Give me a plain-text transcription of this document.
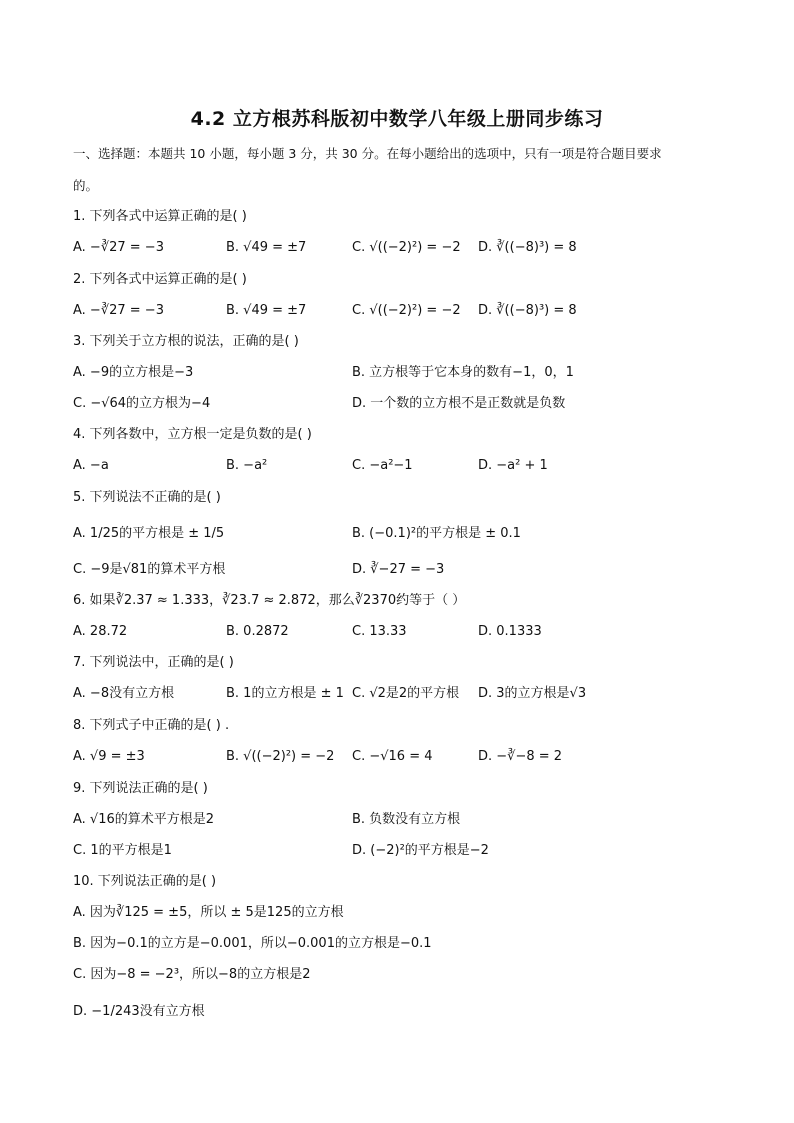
4.2 立方根苏科版初中数学八年级上册同步练习
一、选择题：本题共 10 小题，每小题 3 分，共 30 分。在每小题给出的选项中，只有一项是符合题目要求
的。
1. 下列各式中运算正确的是( )
A. −∛27 = −3	B. √49 = ±7	C. √((−2)²) = −2 D. ∛((−8)³) = 8
2. 下列各式中运算正确的是( )
A. −∛27 = −3	B. √49 = ±7	C. √((−2)²) = −2 D. ∛((−8)³) = 8
3. 下列关于立方根的说法，正确的是( )
A. −9的立方根是−3	B. 立方根等于它本身的数有−1，0，1
C. −√64的立方根为−4	D. 一个数的立方根不是正数就是负数
4. 下列各数中，立方根一定是负数的是( )
A. −a	B. −a²	C. −a²−1	D. −a² + 1
5. 下列说法不正确的是( )
A. 1/25的平方根是 ± 1/5	B. (−0.1)²的平方根是 ± 0.1
C. −9是√81的算术平方根	D. ∛−27 = −3
6. 如果∛2.37 ≈ 1.333，∛23.7 ≈ 2.872，那么∛2370约等于（ ）
A. 28.72	B. 0.2872	C. 13.33	D. 0.1333
7. 下列说法中，正确的是( )
A. −8没有立方根	B. 1的立方根是 ± 1 C. √2是2的平方根 D. 3的立方根是√3
8. 下列式子中正确的是( ) .
A. √9 = ±3	B. √((−2)²) = −2 C. −√16 = 4	D. −∛−8 = 2
9. 下列说法正确的是( )
A. √16的算术平方根是2	B. 负数没有立方根
C. 1的平方根是1	D. (−2)²的平方根是−2
10. 下列说法正确的是( )
A. 因为∛125 = ±5，所以 ± 5是125的立方根
B. 因为−0.1的立方是−0.001，所以−0.001的立方根是−0.1
C. 因为−8 = −2³，所以−8的立方根是2
D. −1/243没有立方根
